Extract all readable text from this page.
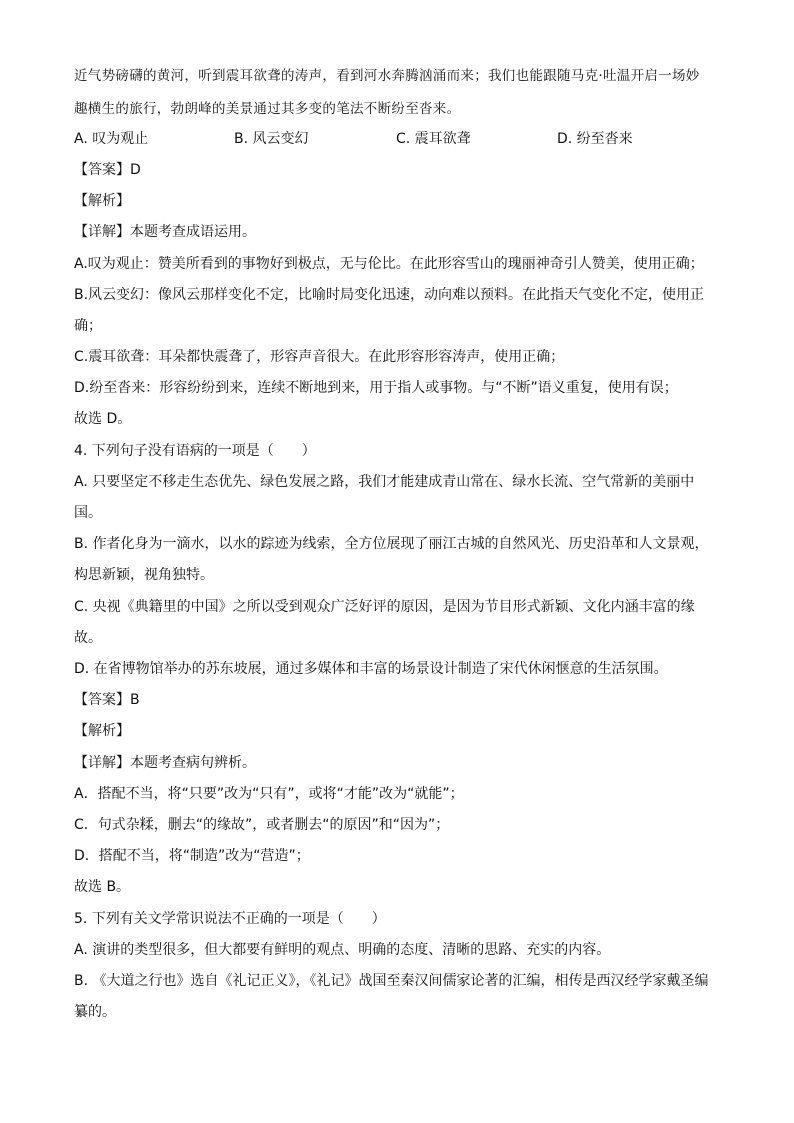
近气势磅礴的黄河，听到震耳欲聋的涛声，看到河水奔腾汹涌而来；我们也能跟随马克·吐温开启一场妙
趣横生的旅行，勃朗峰的美景通过其多变的笔法不断纷至沓来。
A. 叹为观止	B. 风云变幻	C. 震耳欲聋	D. 纷至沓来
【答案】D
【解析】
【详解】本题考查成语运用。
A.叹为观止：赞美所看到的事物好到极点，无与伦比。在此形容雪山的瑰丽神奇引人赞美，使用正确；
B.风云变幻：像风云那样变化不定，比喻时局变化迅速，动向难以预料。在此指天气变化不定，使用正
确；
C.震耳欲聋：耳朵都快震聋了，形容声音很大。在此形容形容涛声，使用正确；
D.纷至沓来：形容纷纷到来，连续不断地到来，用于指人或事物。与“不断”语义重复，使用有误；
故选 D。
4. 下列句子没有语病的一项是（　　）
A. 只要坚定不移走生态优先、绿色发展之路，我们才能建成青山常在、绿水长流、空气常新的美丽中
国。
B. 作者化身为一滴水，以水的踪迹为线索，全方位展现了丽江古城的自然风光、历史沿革和人文景观，
构思新颖，视角独特。
C. 央视《典籍里的中国》之所以受到观众广泛好评的原因，是因为节目形式新颖、文化内涵丰富的缘
故。
D. 在省博物馆举办的苏东坡展，通过多媒体和丰富的场景设计制造了宋代休闲惬意的生活氛围。
【答案】B
【解析】
【详解】本题考查病句辨析。
A．搭配不当，将“只要”改为“只有”，或将“才能”改为“就能”；
C．句式杂糅，删去“的缘故”，或者删去“的原因”和“因为”；
D．搭配不当，将“制造”改为“营造”；
故选 B。
5. 下列有关文学常识说法不正确的一项是（　　）
A. 演讲的类型很多，但大都要有鲜明的观点、明确的态度、清晰的思路、充实的内容。
B. 《大道之行也》选自《礼记正义》，《礼记》战国至秦汉间儒家论著的汇编，相传是西汉经学家戴圣编
纂的。
